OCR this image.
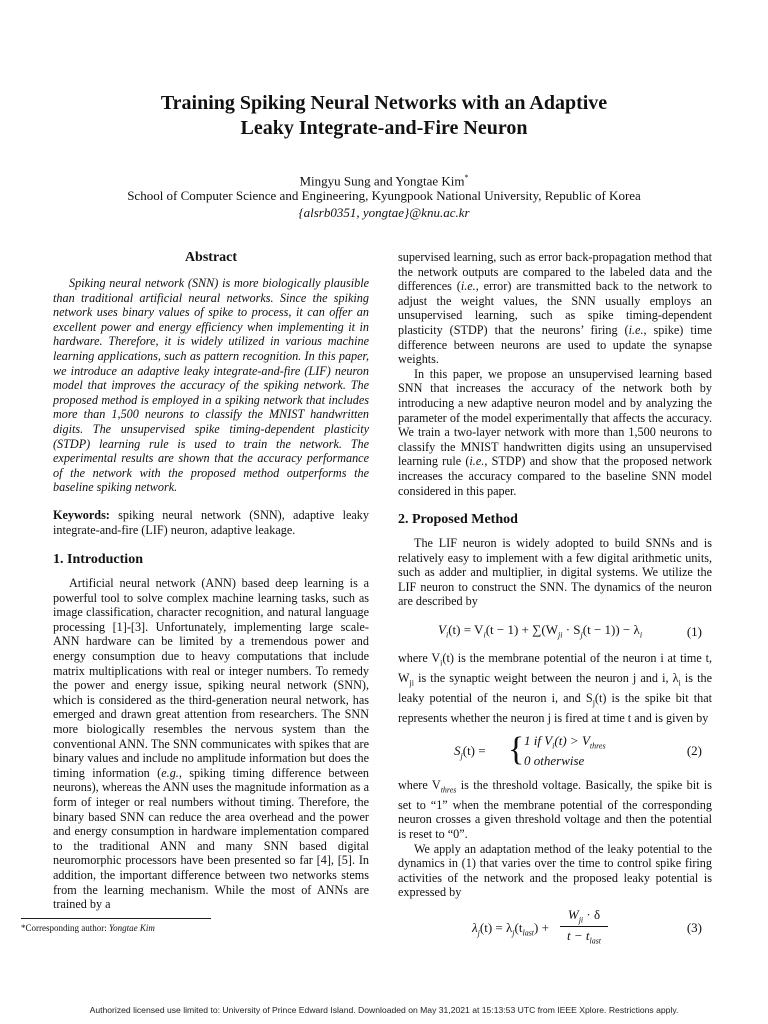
Training Spiking Neural Networks with an Adaptive
Leaky Integrate-and-Fire Neuron
Mingyu Sung and Yongtae Kim*
School of Computer Science and Engineering, Kyungpook National University, Republic of Korea
{alsrb0351, yongtae}@knu.ac.kr
Abstract

Spiking neural network (SNN) is more biologically plausible than traditional artificial neural networks. Since the spiking network uses binary values of spike to process, it can offer an excellent power and energy efficiency when implementing it in hardware. Therefore, it is widely utilized in various machine learning applications, such as pattern recognition. In this paper, we introduce an adaptive leaky integrate-and-fire (LIF) neuron model that improves the accuracy of the spiking network. The proposed method is employed in a spiking network that includes more than 1,500 neurons to classify the MNIST handwritten digits. The unsupervised spike timing-dependent plasticity (STDP) learning rule is used to train the network. The experimental results are shown that the accuracy performance of the network with the proposed method outperforms the baseline spiking network.

Keywords: spiking neural network (SNN), adaptive leaky integrate-and-fire (LIF) neuron, adaptive leakage.

1. Introduction

Artificial neural network (ANN) based deep learning is a powerful tool to solve complex machine learning tasks, such as image classification, character recognition, and natural language processing [1]-[3]. Unfortunately, implementing large scale-ANN hardware can be limited by a tremendous power and energy consumption due to heavy computations that include matrix multiplications with real or integer numbers. To remedy the power and energy issue, spiking neural network (SNN), which is considered as the third-generation neural network, has emerged and drawn great attention from researchers. The SNN more biologically resembles the nervous system than the conventional ANN. The SNN communicates with spikes that are binary values and include no amplitude information but does the timing information (e.g., spiking timing difference between neurons), whereas the ANN uses the magnitude information as a form of integer or real numbers without timing. Therefore, the binary based SNN can reduce the area overhead and the power and energy consumption in hardware implementation compared to the traditional ANN and many SNN based digital neuromorphic processors have been presented so far [4], [5]. In addition, the important difference between two networks stems from the learning mechanism. While the most of ANNs are trained by a

supervised learning, such as error back-propagation method that the network outputs are compared to the labeled data and the differences (i.e., error) are transmitted back to the network to adjust the weight values, the SNN usually employs an unsupervised learning, such as spike timing-dependent plasticity (STDP) that the neurons’ firing (i.e., spike) time difference between neurons are used to update the synapse weights.

In this paper, we propose an unsupervised learning based SNN that increases the accuracy of the network both by introducing a new adaptive neuron model and by analyzing the parameter of the model experimentally that affects the accuracy. We train a two-layer network with more than 1,500 neurons to classify the MNIST handwritten digits using an unsupervised learning rule (i.e., STDP) and show that the proposed network increases the accuracy compared to the baseline SNN model considered in this paper.

2. Proposed Method

The LIF neuron is widely adopted to build SNNs and is relatively easy to implement with a few digital arithmetic units, such as adder and multiplier, in digital systems. We utilize the LIF neuron to construct the SNN. The dynamics of the neuron are described by

$V_i(t) = V_i(t - 1) + \sum(W_{ji} \cdot S_j(t - 1)) - \lambda_i$	(1)

where $V_i(t)$ is the membrane potential of the neuron i at time t, $W_{ji}$ is the synaptic weight between the neuron j and i, $\lambda_i$ is the leaky potential of the neuron i, and $S_j(t)$ is the spike bit that represents whether the neuron j is fired at time t and is given by

$S_j(t)$ = { 1 if $V_i(t) > V_{thres}$
0 otherwise
(2)

where $V_{thres}$ is the threshold voltage. Basically, the spike bit is set to “1” when the membrane potential of the corresponding neuron crosses a given threshold voltage and then the potential is reset to “0”.

We apply an adaptation method of the leaky potential to the dynamics in (1) that varies over the time to control spike firing activities of the network and the proposed leaky potential is expressed by

$\lambda_j(t) = \lambda_j(t_{last})$ +
$W_{ji} \cdot \delta$
$t - t_{last}$
(3)
*Corresponding author: Yongtae Kim
Authorized licensed use limited to: University of Prince Edward Island. Downloaded on May 31,2021 at 15:13:53 UTC from IEEE Xplore. Restrictions apply.
